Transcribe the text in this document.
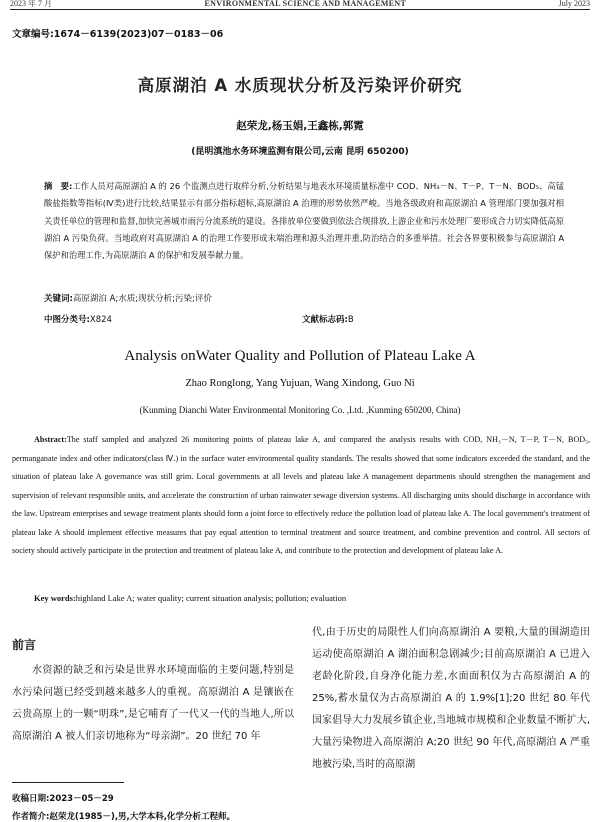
2023 年 7 月	ENVIRONMENTAL SCIENCE AND MANAGEMENT	July 2023
文章编号:1674－6139(2023)07－0183－06
高原湖泊 A 水质现状分析及污染评价研究
赵荣龙,杨玉娟,王鑫栋,郭霓
(昆明滇池水务环境监测有限公司,云南 昆明 650200)
摘　要:工作人员对高原湖泊 A 的 26 个监测点进行取样分析,分析结果与地表水环境质量标准中 COD、NH₃－N、T－P、T－N、BOD₅、高锰酸盐指数等指标(Ⅳ类)进行比较,结果显示有部分指标超标,高原湖泊 A 治理的形势依然严峻。当地各级政府和高原湖泊 A 管理部门要加强对相关责任单位的管理和监督,加快完善城市雨污分流系统的建设。各排放单位要做到依法合规排放,上游企业和污水处理厂要形成合力切实降低高原湖泊 A 污染负荷。当地政府对高原湖泊 A 的治理工作要形成末端治理和源头治理并重,防治结合的多重举措。社会各界要积极参与高原湖泊 A 保护和治理工作,为高原湖泊 A 的保护和发展奉献力量。
关键词:高原湖泊 A;水质;现状分析;污染;评价
中图分类号:X824	文献标志码:B
Analysis onWater Quality and Pollution of Plateau Lake A
Zhao Ronglong, Yang Yujuan, Wang Xindong, Guo Ni
(Kunming Dianchi Water Environmental Monitoring Co. ,Ltd. ,Kunming 650200, China)
Abstract:The staff sampled and analyzed 26 monitoring points of plateau lake A, and compared the analysis results with COD, NH₃－N, T－P, T－N, BOD₅, permanganate index and other indicators(class Ⅳ.) in the surface water environmental quality standards. The results showed that some indicators exceeded the standard, and the situation of plateau lake A governance was still grim. Local governments at all levels and plateau lake A management departments should strengthen the management and supervision of relevant responsible units, and accelerate the construction of urban rainwater sewage diversion systems. All discharging units should discharge in accordance with the law. Upstream enterprises and sewage treatment plants should form a joint force to effectively reduce the pollution load of plateau lake A. The local government's treatment of plateau lake A should implement effective measures that pay equal attention to terminal treatment and source treatment, and combine prevention and control. All sectors of society should actively participate in the protection and treatment of plateau lake A, and contribute to the protection and development of plateau lake A.
Key words:highland Lake A; water quality; current situation analysis; pollution; evaluation
前言
水资源的缺乏和污染是世界水环境面临的主要问题,特别是水污染问题已经受到越来越多人的重视。高原湖泊 A 是镶嵌在云贵高原上的一颗“明珠”,是它哺育了一代又一代的当地人,所以高原湖泊 A 被人们亲切地称为“母亲湖”。20 世纪 70 年
代,由于历史的局限性人们向高原湖泊 A 要粮,大量的围湖造田运动使高原湖泊 A 湖泊面积急剧减少;目前高原湖泊 A 已进入老龄化阶段,自身净化能力差,水面面积仅为古高原湖泊 A 的 25%,蓄水量仅为古高原湖泊 A 的 1.9%[1];20 世纪 80 年代国家倡导大力发展乡镇企业,当地城市规模和企业数量不断扩大,大量污染物进入高原湖泊 A;20 世纪 90 年代,高原湖泊 A 严重地被污染,当时的高原湖
收稿日期:2023－05－29
作者简介:赵荣龙(1985－),男,大学本科,化学分析工程师。
